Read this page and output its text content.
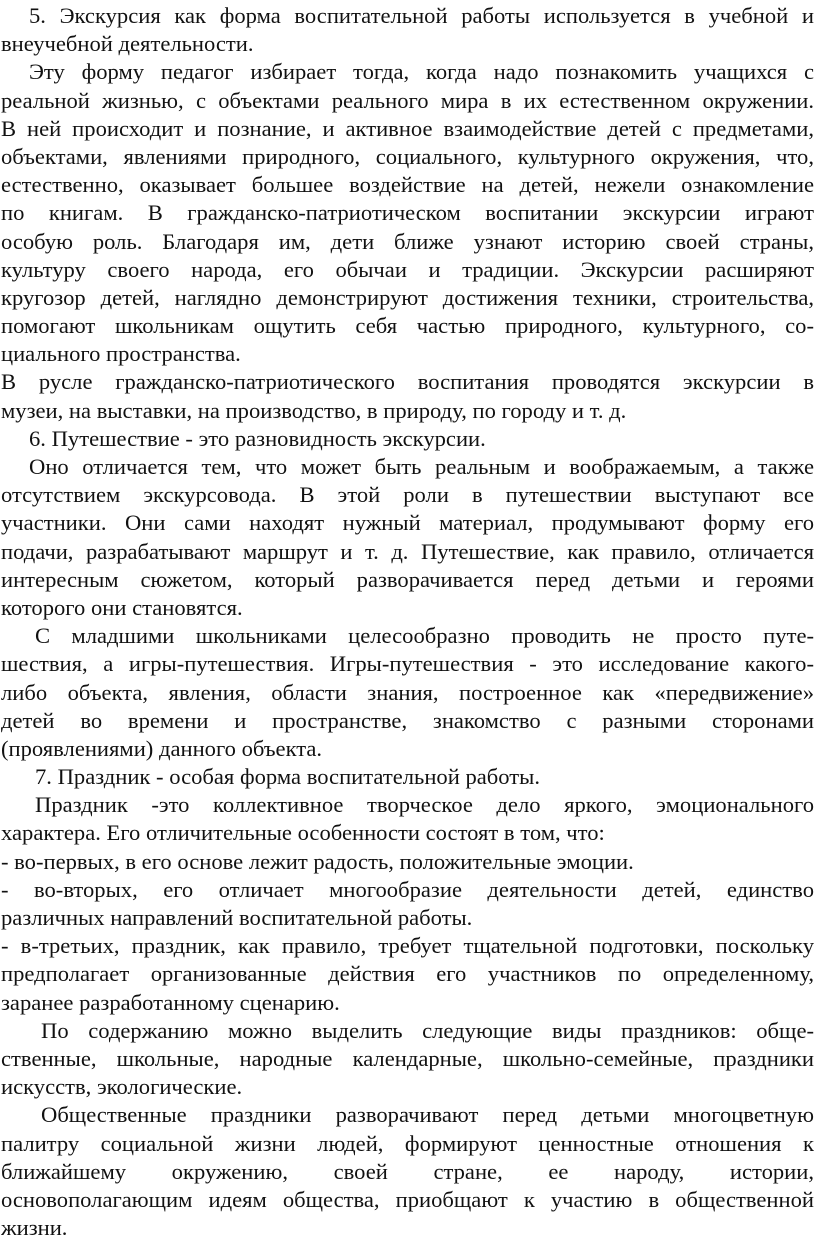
5. Экскурсия как форма воспитательной работы используется в учебной и
внеучебной деятельности.
Эту форму педагог избирает тогда, когда надо познакомить учащихся с
реальной жизнью, с объектами реального мира в их естественном окружении.
В ней происходит и познание, и активное взаимодействие детей с предметами,
объектами, явлениями природного, социального, культурного окружения, что,
естественно, оказывает большее воздействие на детей, нежели ознакомление
по книгам. В гражданско-патриотическом воспитании экскурсии играют
особую роль. Благодаря им, дети ближе узнают историю своей страны,
культуру своего народа, его обычаи и традиции. Экскурсии расширяют
кругозор детей, наглядно демонстрируют достижения техники, строительства,
помогают школьникам ощутить себя частью природного, культурного, со-
циального пространства.
В русле гражданско-патриотического воспитания проводятся экскурсии в
музеи, на выставки, на производство, в природу, по городу и т. д.
6. Путешествие - это разновидность экскурсии.
Оно отличается тем, что может быть реальным и воображаемым, а также
отсутствием экскурсовода. В этой роли в путешествии выступают все
участники. Они сами находят нужный материал, продумывают форму его
подачи, разрабатывают маршрут и т. д. Путешествие, как правило, отличается
интересным сюжетом, который разворачивается перед детьми и героями
которого они становятся.
С младшими школьниками целесообразно проводить не просто путе-
шествия, а игры-путешествия. Игры-путешествия - это исследование какого-
либо объекта, явления, области знания, построенное как «передвижение»
детей во времени и пространстве, знакомство с разными сторонами
(проявлениями) данного объекта.
7. Праздник - особая форма воспитательной работы.
Праздник -это коллективное творческое дело яркого, эмоционального
характера. Его отличительные особенности состоят в том, что:
- во-первых, в его основе лежит радость, положительные эмоции.
- во-вторых, его отличает многообразие деятельности детей, единство
различных направлений воспитательной работы.
- в-третьих, праздник, как правило, требует тщательной подготовки, поскольку
предполагает организованные действия его участников по определенному,
заранее разработанному сценарию.
По содержанию можно выделить следующие виды праздников: обще-
ственные, школьные, народные календарные, школьно-семейные, праздники
искусств, экологические.
Общественные праздники разворачивают перед детьми многоцветную
палитру социальной жизни людей, формируют ценностные отношения к
ближайшему окружению, своей стране, ее народу, истории,
основополагающим идеям общества, приобщают к участию в общественной
жизни.
